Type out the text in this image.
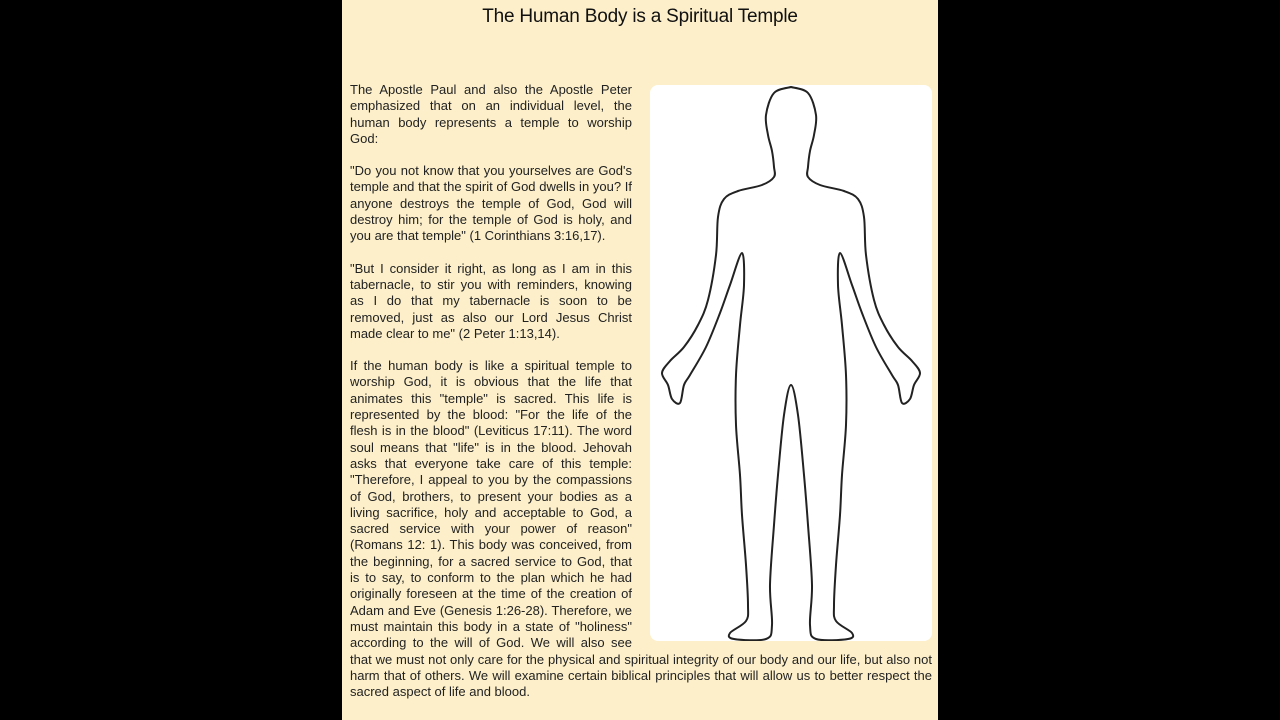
The Human Body is a Spiritual Temple

The Apostle Paul and also the Apostle Peter emphasized that on an individual level, the human body represents a temple to worship God:

"Do you not know that you yourselves are God's temple and that the spirit of God dwells in you? If anyone destroys the temple of God, God will destroy him; for the temple of God is holy, and you are that temple" (1 Corinthians 3:16,17).

"But I consider it right, as long as I am in this tabernacle, to stir you with reminders, knowing as I do that my tabernacle is soon to be removed, just as also our Lord Jesus Christ made clear to me" (2 Peter 1:13,14).

If the human body is like a spiritual temple to worship God, it is obvious that the life that animates this "temple" is sacred. This life is represented by the blood: "For the life of the flesh is in the blood" (Leviticus 17:11). The word soul means that "life" is in the blood. Jehovah asks that everyone take care of this temple: "Therefore, I appeal to you by the compassions of God, brothers, to present your bodies as a living sacrifice, holy and acceptable to God, a sacred service with your power of reason" (Romans 12: 1). This body was conceived, from the beginning, for a sacred service to God, that is to say, to conform to the plan which he had originally foreseen at the time of the creation of Adam and Eve (Genesis 1:26-28). Therefore, we must maintain this body in a state of "holiness" according to the will of God. We will also see that we must not only care for the physical and spiritual integrity of our body and our life, but also not harm that of others. We will examine certain biblical principles that will allow us to better respect the sacred aspect of life and blood.
